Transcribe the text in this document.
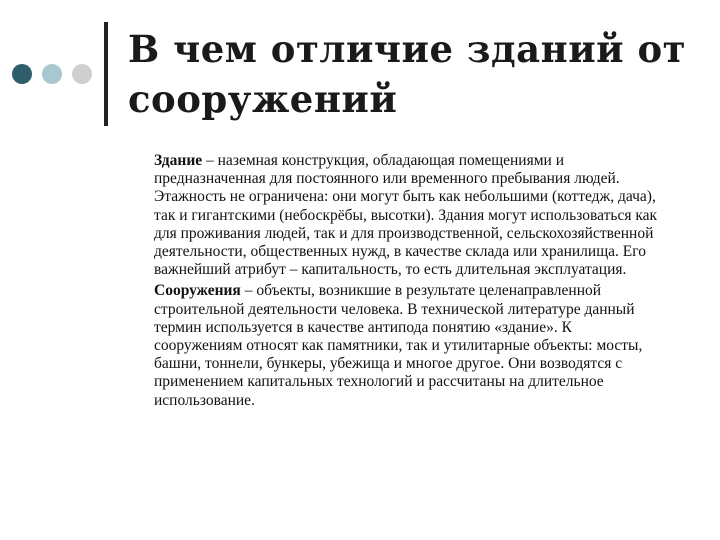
В чем отличие зданий от сооружений

Здание – наземная конструкция, обладающая помещениями и предназначенная для постоянного или временного пребывания людей. Этажность не ограничена: они могут быть как небольшими (коттедж, дача), так и гигантскими (небоскрёбы, высотки). Здания могут использоваться как для проживания людей, так и для производственной, сельскохозяйственной деятельности, общественных нужд, в качестве склада или хранилища. Его важнейший атрибут – капитальность, то есть длительная эксплуатация.

Сооружения – объекты, возникшие в результате целенаправленной строительной деятельности человека. В технической литературе данный термин используется в качестве антипода понятию «здание». К сооружениям относят как памятники, так и утилитарные объекты: мосты, башни, тоннели, бункеры, убежища и многое другое. Они возводятся с применением капитальных технологий и рассчитаны на длительное использование.
